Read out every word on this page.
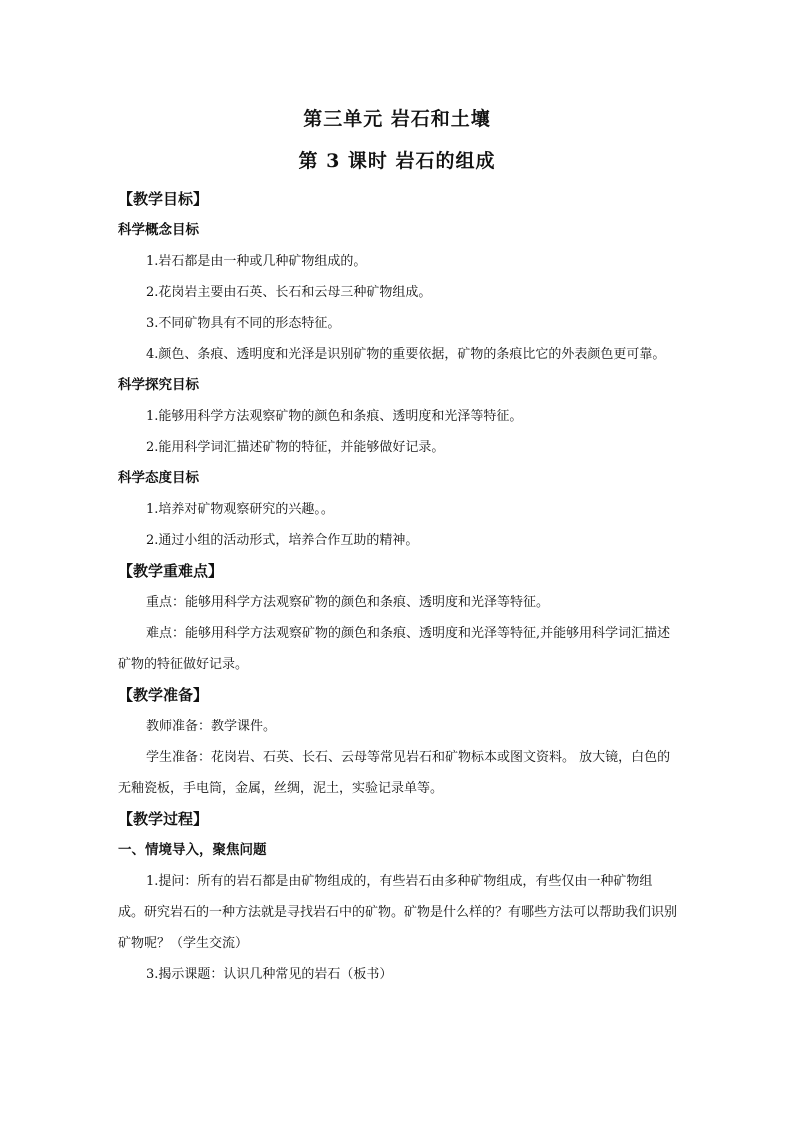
第三单元 岩石和土壤
第 3 课时 岩石的组成
【教学目标】
科学概念目标
1.岩石都是由一种或几种矿物组成的。
2.花岗岩主要由石英、长石和云母三种矿物组成。
3.不同矿物具有不同的形态特征。
4.颜色、条痕、透明度和光泽是识别矿物的重要依据，矿物的条痕比它的外表颜色更可靠。
科学探究目标
1.能够用科学方法观察矿物的颜色和条痕、透明度和光泽等特征。
2.能用科学词汇描述矿物的特征，并能够做好记录。
科学态度目标
1.培养对矿物观察研究的兴趣。。
2.通过小组的活动形式，培养合作互助的精神。
【教学重难点】
重点：能够用科学方法观察矿物的颜色和条痕、透明度和光泽等特征。
难点：能够用科学方法观察矿物的颜色和条痕、透明度和光泽等特征,并能够用科学词汇描述矿物的特征做好记录。
【教学准备】
教师准备：教学课件。
学生准备：花岗岩、石英、长石、云母等常见岩石和矿物标本或图文资料。 放大镜，白色的无釉瓷板，手电筒，金属，丝绸，泥土，实验记录单等。
【教学过程】
一、情境导入，聚焦问题
1.提问：所有的岩石都是由矿物组成的，有些岩石由多种矿物组成，有些仅由一种矿物组成。研究岩石的一种方法就是寻找岩石中的矿物。矿物是什么样的？有哪些方法可以帮助我们识别矿物呢？（学生交流）
3.揭示课题：认识几种常见的岩石（板书）
